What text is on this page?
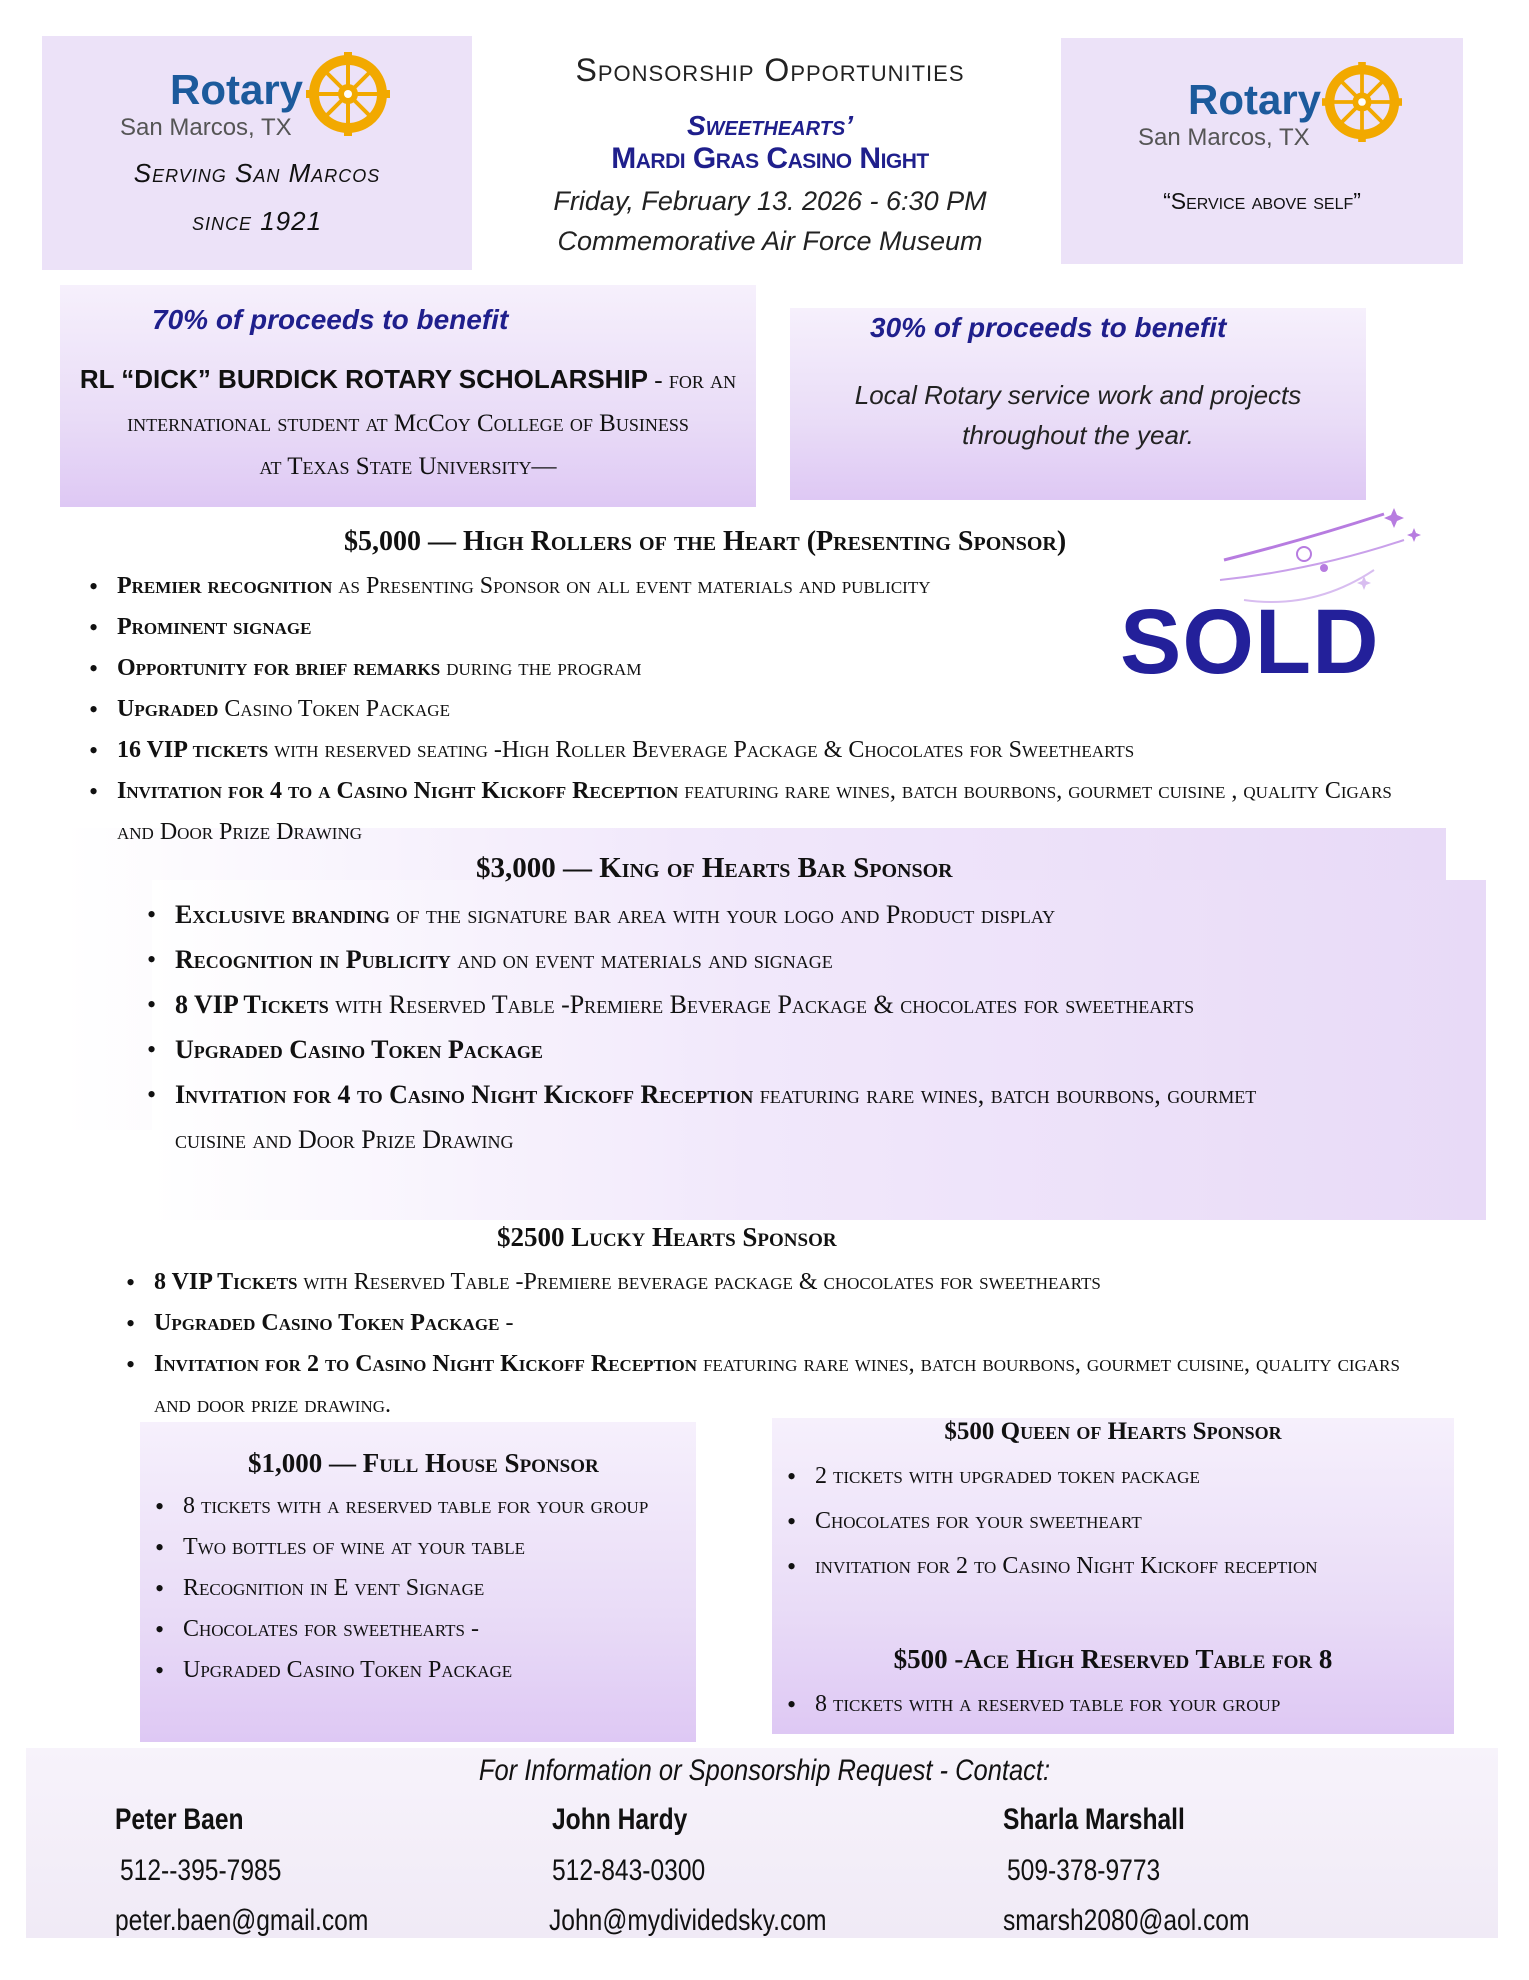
Rotary
San Marcos, TX
Serving San Marcos
since 1921
Rotary
San Marcos, TX
“Service above self”
Sponsorship Opportunities
Sweethearts’
Mardi Gras Casino Night
Friday, February 13. 2026 - 6:30 PM
Commemorative Air Force Museum
70% of proceeds to benefit
RL “DICK” BURDICK ROTARY SCHOLARSHIP - for an
international student at McCoy College of Business
at Texas State University—
30% of proceeds to benefit
Local Rotary service work and projects
throughout the year.
SOLD
$5,000 — High Rollers of the Heart (Presenting Sponsor)
• Premier recognition as Presenting Sponsor on all event materials and publicity
• Prominent signage
• Opportunity for brief remarks during the program
• Upgraded Casino Token Package
• 16 VIP tickets with reserved seating -High Roller Beverage Package & Chocolates for Sweethearts
• Invitation for 4 to a Casino Night Kickoff Reception featuring rare wines, batch bourbons, gourmet cuisine , quality Cigars and Door Prize Drawing
$3,000 — King of Hearts Bar Sponsor
• Exclusive branding of the signature bar area with your logo and Product display
• Recognition in Publicity and on event materials and signage
• 8 VIP Tickets with Reserved Table -Premiere Beverage Package & chocolates for sweethearts
• Upgraded Casino Token Package
• Invitation for 4 to Casino Night Kickoff Reception featuring rare wines, batch bourbons, gourmet cuisine and Door Prize Drawing
$2500 Lucky Hearts Sponsor
• 8 VIP Tickets with Reserved Table -Premiere beverage package & chocolates for sweethearts
• Upgraded Casino Token Package -
• Invitation for 2 to Casino Night Kickoff Reception featuring rare wines, batch bourbons, gourmet cuisine, quality cigars and door prize drawing.
$1,000 — Full House Sponsor
• 8 tickets with a reserved table for your group
• Two bottles of wine at your table
• Recognition in E vent Signage
• Chocolates for sweethearts -
• Upgraded Casino Token Package
$500 Queen of Hearts Sponsor
• 2 tickets with upgraded token package
• Chocolates for your sweetheart
• invitation for 2 to Casino Night Kickoff reception
$500 -Ace High Reserved Table for 8
• 8 tickets with a reserved table for your group
For Information or Sponsorship Request - Contact:
Peter Baen
512--395-7985
peter.baen@gmail.com
John Hardy
512-843-0300
John@mydividedsky.com
Sharla Marshall
509-378-9773
smarsh2080@aol.com
